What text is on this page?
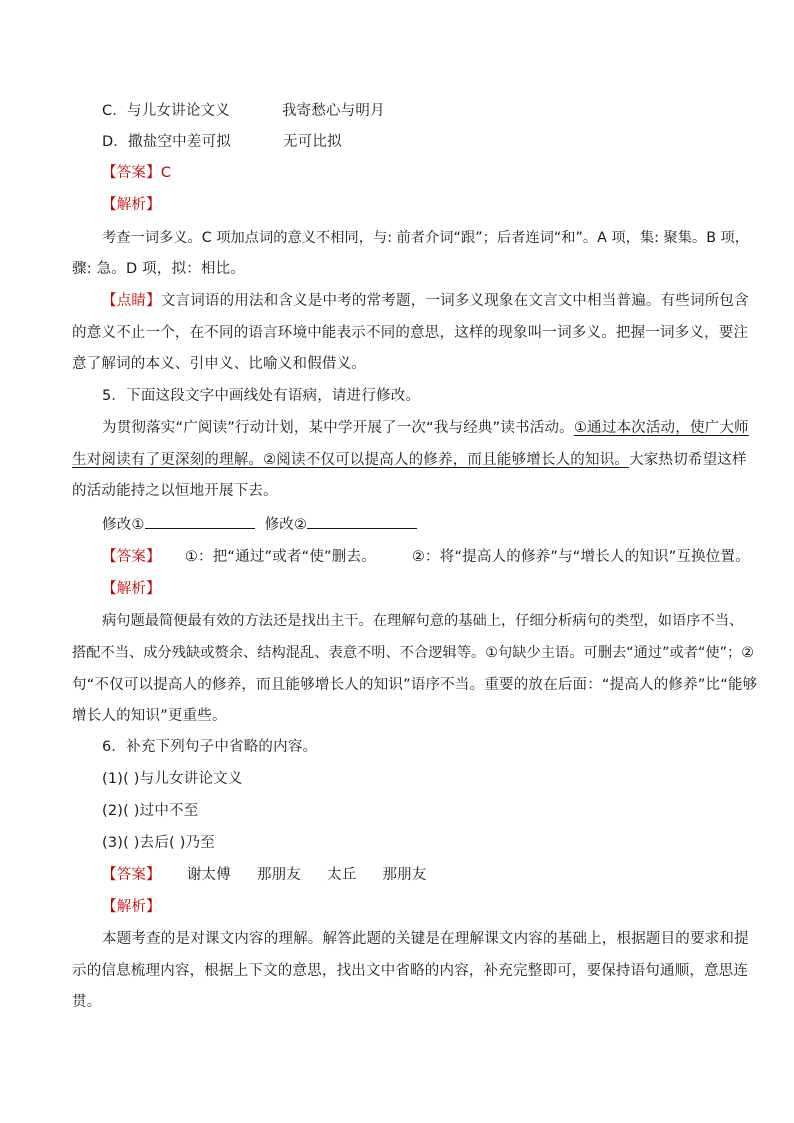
C．与儿女讲论文义	我寄愁心与明月
D．撒盐空中差可拟	无可比拟
【答案】C
【解析】
考查一词多义。C 项加点词的意义不相同，与: 前者介词“跟”；后者连词“和”。A 项，集: 聚集。B 项，
骤: 急。D 项，拟：相比。
【点睛】文言词语的用法和含义是中考的常考题，一词多义现象在文言文中相当普遍。有些词所包含
的意义不止一个，在不同的语言环境中能表示不同的意思，这样的现象叫一词多义。把握一词多义，要注
意了解词的本义、引申义、比喻义和假借义。
5．下面这段文字中画线处有语病，请进行修改。
为贯彻落实“广阅读”行动计划，某中学开展了一次“我与经典”读书活动。①通过本次活动，使广大师
生对阅读有了更深刻的理解。②阅读不仅可以提高人的修养，而且能够增长人的知识。大家热切希望这样
的活动能持之以恒地开展下去。
修改①	修改②
【答案】 ①：把“通过”或者“使”删去。 ②：将“提高人的修养”与“增长人的知识”互换位置。
【解析】
病句题最简便最有效的方法还是找出主干。在理解句意的基础上，仔细分析病句的类型，如语序不当、
搭配不当、成分残缺或赘余、结构混乱、表意不明、不合逻辑等。①句缺少主语。可删去“通过”或者“使”；②
句“不仅可以提高人的修养，而且能够增长人的知识”语序不当。重要的放在后面：“提高人的修养”比“能够
增长人的知识”更重些。
6．补充下列句子中省略的内容。
(1)( )与儿女讲论文义
(2)( )过中不至
(3)( )去后( )乃至
【答案】 谢太傅 那朋友 太丘 那朋友
【解析】
本题考查的是对课文内容的理解。解答此题的关键是在理解课文内容的基础上，根据题目的要求和提
示的信息梳理内容，根据上下文的意思，找出文中省略的内容，补充完整即可，要保持语句通顺，意思连
贯。
